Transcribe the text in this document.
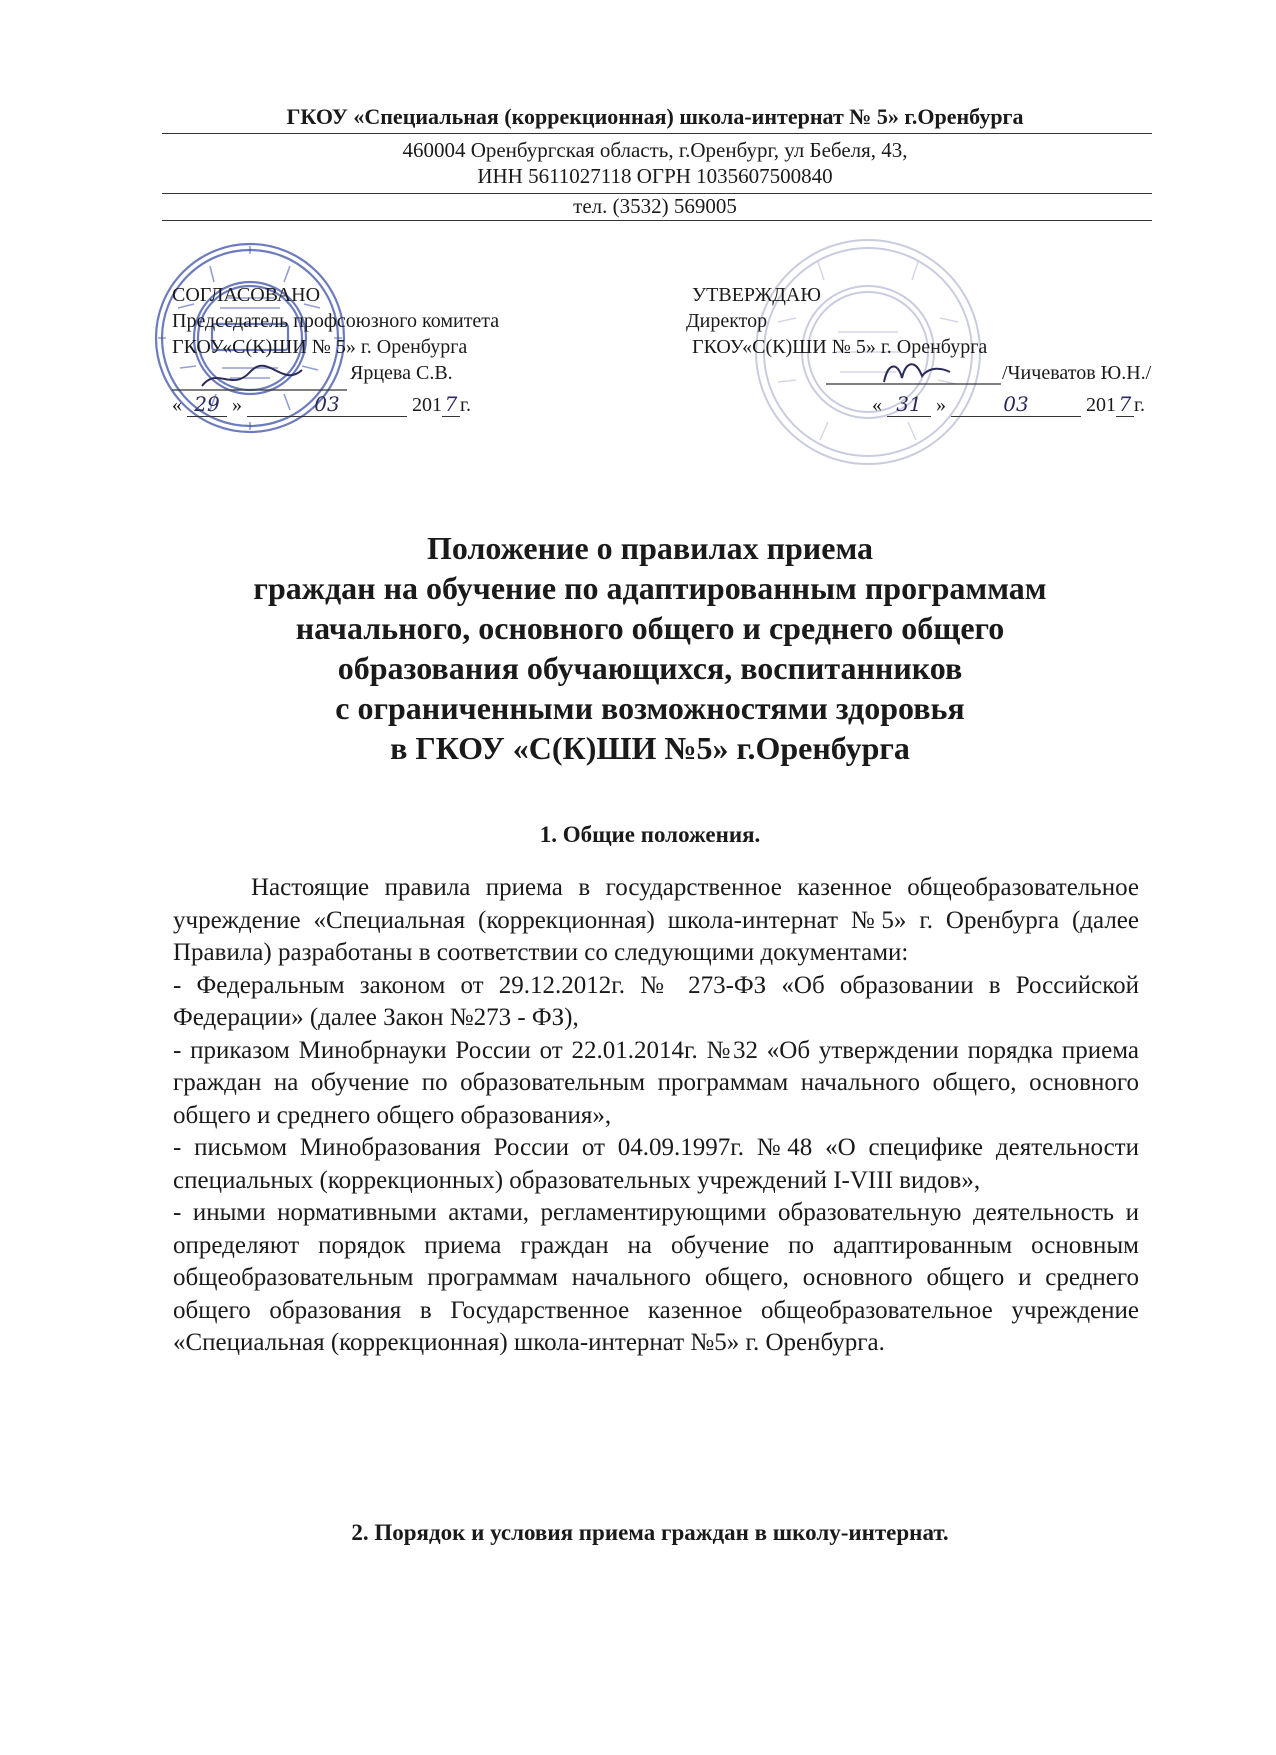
ГКОУ «Специальная (коррекционная) школа-интернат № 5» г.Оренбурга
460004 Оренбургская область, г.Оренбург, ул Бебеля, 43,
ИНН 5611027118 ОГРН 1035607500840
тел. (3532) 569005
СОГЛАСОВАНО
Председатель профсоюзного комитета
ГКОУ«С(К)ШИ № 5» г. Оренбурга
Ярцева С.В.
« 29 »	03	201 7 г.
УТВЕРЖДАЮ
Директор
ГКОУ«С(К)ШИ № 5» г. Оренбурга
/Чичеватов Ю.Н./
« 31 »	03	201 7 г.
Положение о правилах приема
граждан на обучение по адаптированным программам
начального, основного общего и среднего общего
образования обучающихся, воспитанников
с ограниченными возможностями здоровья
в ГКОУ «С(К)ШИ №5» г.Оренбурга
1. Общие положения.

Настоящие правила приема в государственное казенное общеобразовательное учреждение «Специальная (коррекционная) школа-интернат №5» г. Оренбурга (далее Правила) разработаны в соответствии со следующими документами:

- Федеральным законом от 29.12.2012г. № 273-ФЗ «Об образовании в Российской Федерации» (далее Закон №273 - ФЗ),

- приказом Минобрнауки России от 22.01.2014г. №32 «Об утверждении порядка приема граждан на обучение по образовательным программам начального общего, основного общего и среднего общего образования»,

- письмом Минобразования России от 04.09.1997г. №48 «О специфике деятельности специальных (коррекционных) образовательных учреждений I-VIII видов»,

- иными нормативными актами, регламентирующими образовательную деятельность и определяют порядок приема граждан на обучение по адаптированным основным общеобразовательным программам начального общего, основного общего и среднего общего образования в Государственное казенное общеобразовательное учреждение «Специальная (коррекционная) школа-интернат №5» г. Оренбурга.

2. Порядок и условия приема граждан в школу-интернат.
